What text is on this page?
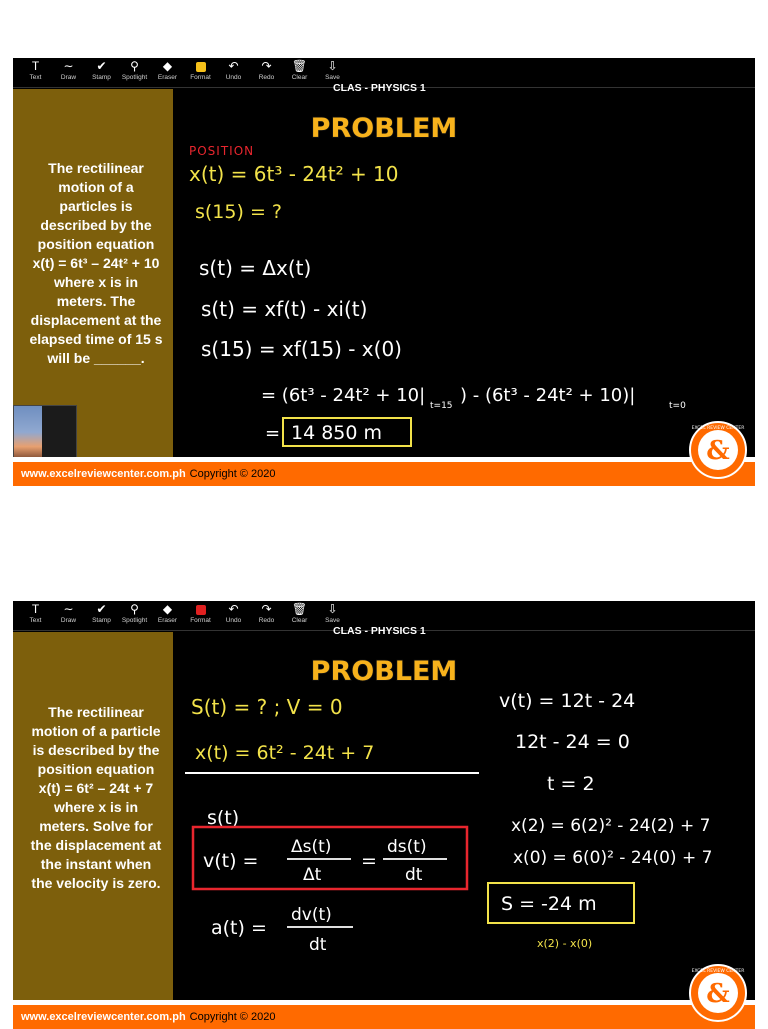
T
Text
∼
Draw
✔
Stamp
⚲
Spotlight
◆
Eraser Format
↶
Undo
↷
Redo
🗑
Clear
⇩
Save
CLAS - PHYSICS 1
The rectilinear motion of a particles is described by the position equation x(t) = 6t³ – 24t² + 10 where x is in meters. The displacement at the elapsed time of 15 s will be ______.
PROBLEM
POSITION
x(t) = 6t³ - 24t² + 10
s(15) = ?
s(t) = Δx(t)
s(t) = xf(t) - xi(t)
s(15) = xf(15) - x(0)
= (6t³ - 24t² + 10| t=15 ) - (6t³ - 24t² + 10)|	t=0
= 14 850 m
www.excelreviewcenter.com.ph Copyright © 2020
&
EXCEL REVIEW CENTER
T
Text
∼
Draw
✔
Stamp
⚲
Spotlight
◆
Eraser Format
↶
Undo
↷
Redo
🗑
Clear
⇩
Save
CLAS - PHYSICS 1
The rectilinear motion of a particle is described by the position equation x(t) = 6t² – 24t + 7 where x is in meters. Solve for the displacement at the instant when the velocity is zero.
PROBLEM
S(t) = ? ; V = 0
x(t) = 6t² - 24t + 7
s(t)
v(t) =
Δs(t)
Δt
=
ds(t)
dt
a(t) =
dv(t)
dt
v(t) = 12t - 24
12t - 24 = 0
t = 2
x(2) = 6(2)² - 24(2) + 7
x(0) = 6(0)² - 24(0) + 7
S = -24 m
x(2) - x(0)
www.excelreviewcenter.com.ph Copyright © 2020
&
EXCEL REVIEW CENTER
